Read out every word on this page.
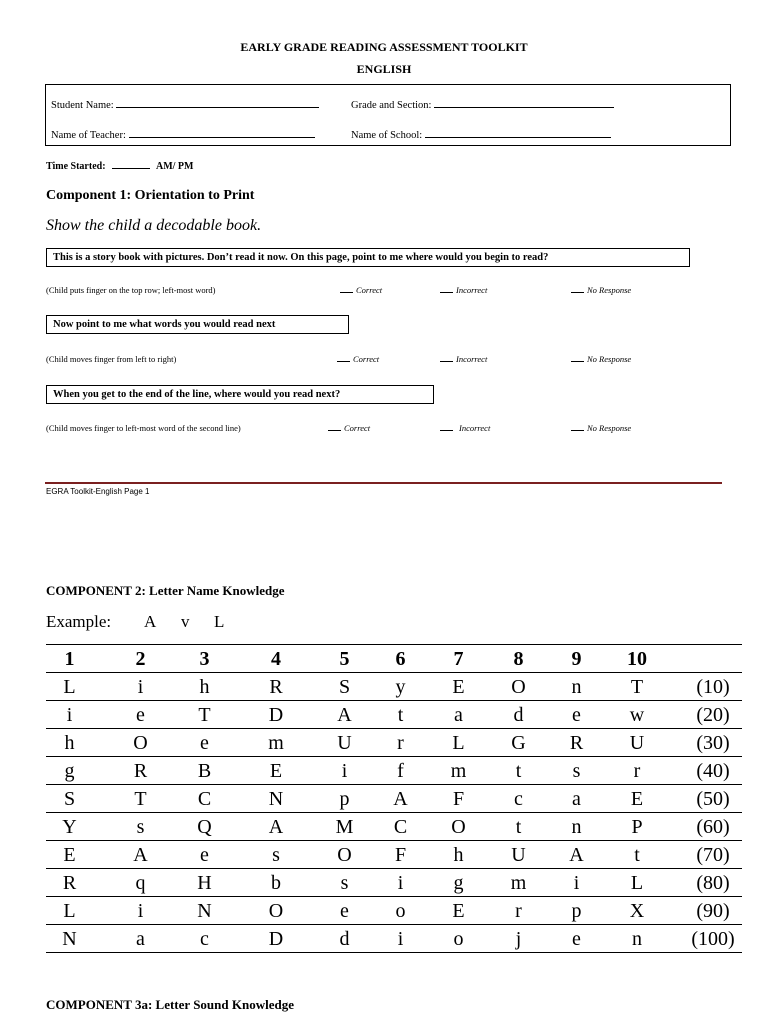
EARLY GRADE READING ASSESSMENT TOOLKIT
ENGLISH
Student Name:	Grade and Section:
Name of Teacher:	Name of School:
Time Started:	AM/ PM
Component 1: Orientation to Print
Show the child a decodable book.
This is a story book with pictures. Don’t read it now. On this page, point to me where would you begin to read?
(Child puts finger on the top row; left-most word)	Correct	Incorrect	No Response
Now point to me what words you would read next
(Child moves finger from left to right)	Correct	Incorrect	No Response
When you get to the end of the line, where would you read next?
(Child moves finger to left-most word of the second line)	Correct	Incorrect	No Response
EGRA Toolkit-English Page 1
COMPONENT 2: Letter Name Knowledge
Example: A v L
1	2	3	4	5	6	7	8	9	10	
L	i	h	R	S	y	E	O	n	T	(10)
i	e	T	D	A	t	a	d	e	w	(20)
h	O	e	m	U	r	L	G	R	U	(30)
g	R	B	E	i	f	m	t	s	r	(40)
S	T	C	N	p	A	F	c	a	E	(50)
Y	s	Q	A	M	C	O	t	n	P	(60)
E	A	e	s	O	F	h	U	A	t	(70)
R	q	H	b	s	i	g	m	i	L	(80)
L	i	N	O	e	o	E	r	p	X	(90)
N	a	c	D	d	i	o	j	e	n	(100)
COMPONENT 3a: Letter Sound Knowledge
